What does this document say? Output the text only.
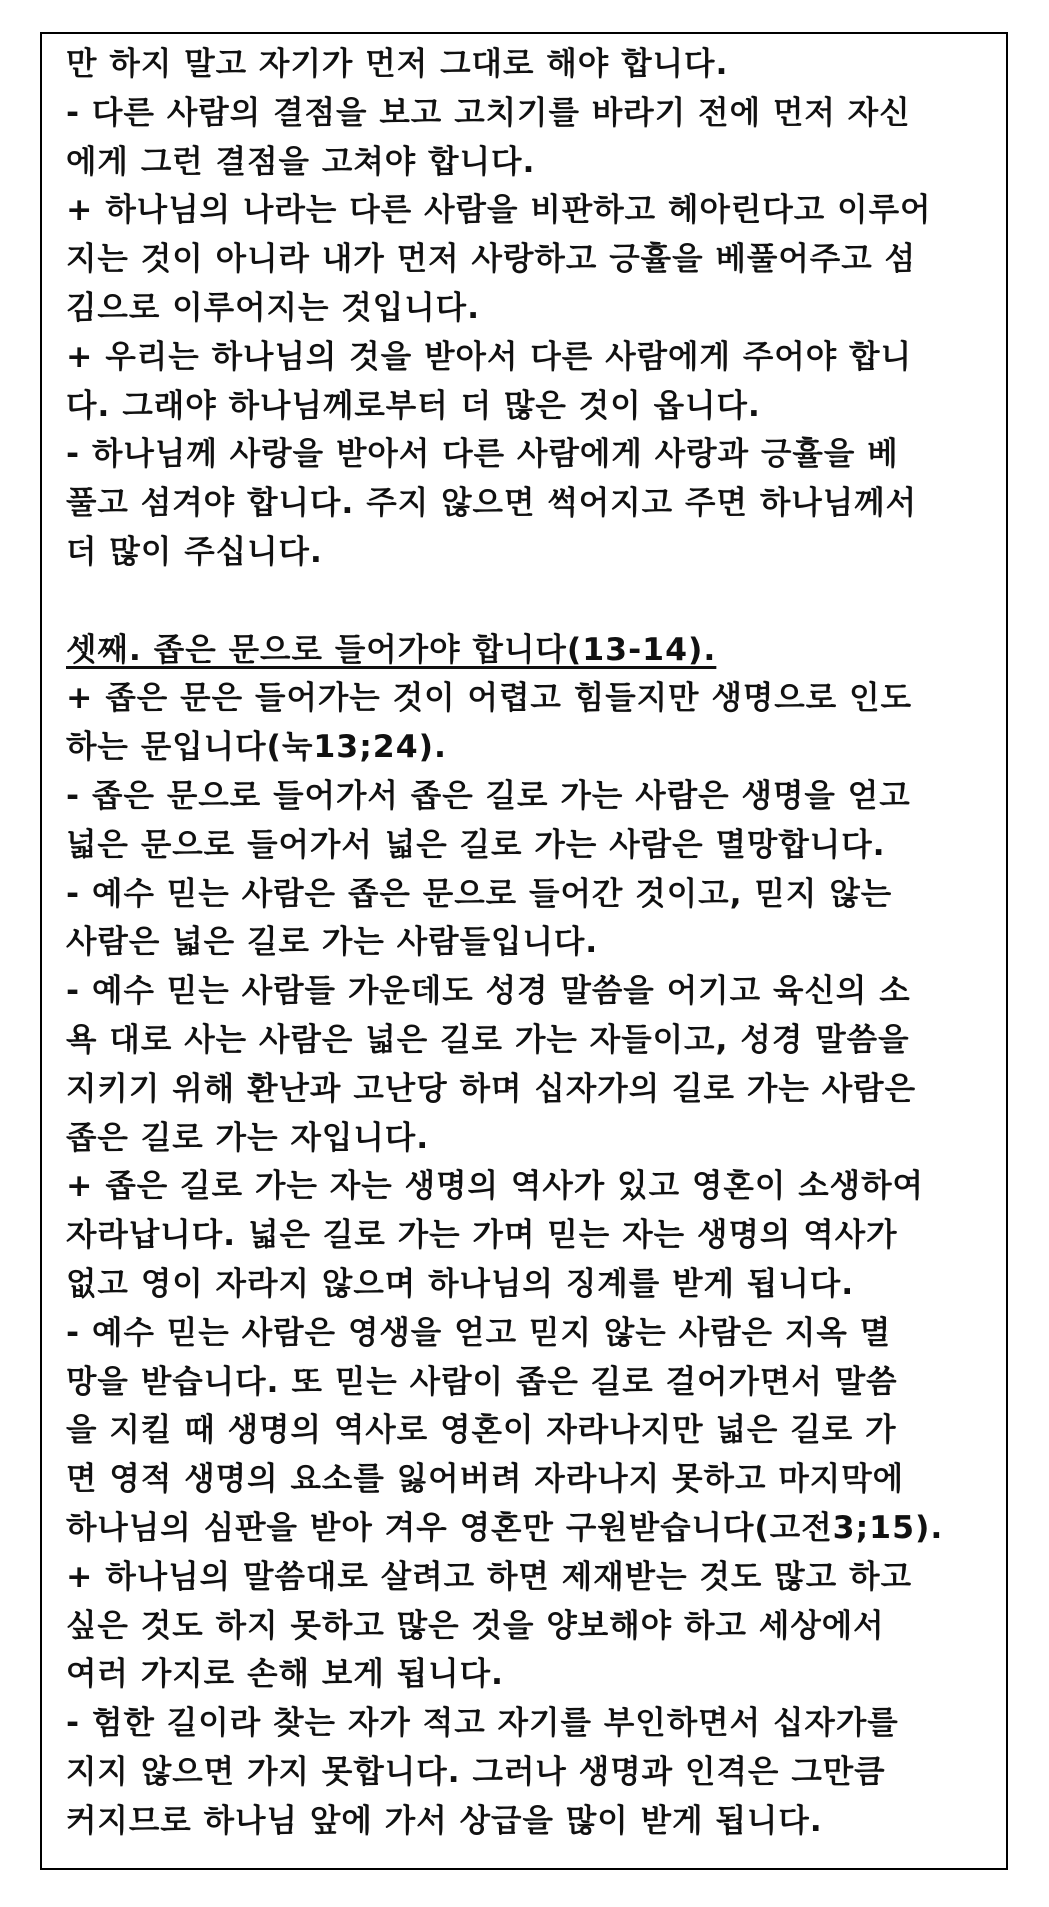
만 하지 말고 자기가 먼저 그대로 해야 합니다.
- 다른 사람의 결점을 보고 고치기를 바라기 전에 먼저 자신
에게 그런 결점을 고쳐야 합니다.
+ 하나님의 나라는 다른 사람을 비판하고 헤아린다고 이루어
지는 것이 아니라 내가 먼저 사랑하고 긍휼을 베풀어주고 섬
김으로 이루어지는 것입니다.
+ 우리는 하나님의 것을 받아서 다른 사람에게 주어야 합니
다. 그래야 하나님께로부터 더 많은 것이 옵니다.
- 하나님께 사랑을 받아서 다른 사람에게 사랑과 긍휼을 베
풀고 섬겨야 합니다. 주지 않으면 썩어지고 주면 하나님께서
더 많이 주십니다.
셋째. 좁은 문으로 들어가야 합니다(13-14).
+ 좁은 문은 들어가는 것이 어렵고 힘들지만 생명으로 인도
하는 문입니다(눅13;24).
- 좁은 문으로 들어가서 좁은 길로 가는 사람은 생명을 얻고
넓은 문으로 들어가서 넓은 길로 가는 사람은 멸망합니다.
- 예수 믿는 사람은 좁은 문으로 들어간 것이고, 믿지 않는
사람은 넓은 길로 가는 사람들입니다.
- 예수 믿는 사람들 가운데도 성경 말씀을 어기고 육신의 소
욕 대로 사는 사람은 넓은 길로 가는 자들이고, 성경 말씀을
지키기 위해 환난과 고난당 하며 십자가의 길로 가는 사람은
좁은 길로 가는 자입니다.
+ 좁은 길로 가는 자는 생명의 역사가 있고 영혼이 소생하여
자라납니다. 넓은 길로 가는 가며 믿는 자는 생명의 역사가
없고 영이 자라지 않으며 하나님의 징계를 받게 됩니다.
- 예수 믿는 사람은 영생을 얻고 믿지 않는 사람은 지옥 멸
망을 받습니다. 또 믿는 사람이 좁은 길로 걸어가면서 말씀
을 지킬 때 생명의 역사로 영혼이 자라나지만 넓은 길로 가
면 영적 생명의 요소를 잃어버려 자라나지 못하고 마지막에
하나님의 심판을 받아 겨우 영혼만 구원받습니다(고전3;15).
+ 하나님의 말씀대로 살려고 하면 제재받는 것도 많고 하고
싶은 것도 하지 못하고 많은 것을 양보해야 하고 세상에서
여러 가지로 손해 보게 됩니다.
- 험한 길이라 찾는 자가 적고 자기를 부인하면서 십자가를
지지 않으면 가지 못합니다. 그러나 생명과 인격은 그만큼
커지므로 하나님 앞에 가서 상급을 많이 받게 됩니다.
